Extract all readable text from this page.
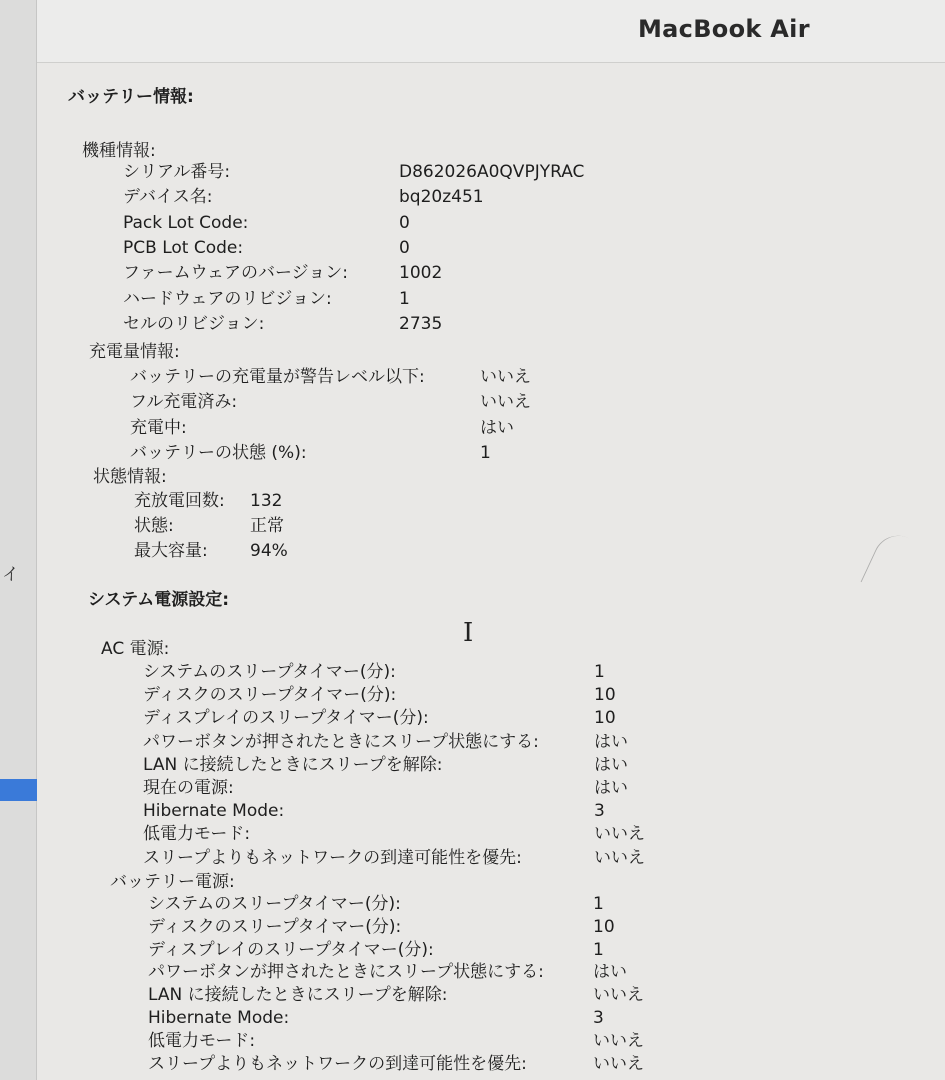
イ
MacBook Air
I
バッテリー情報:
機種情報:
シリアル番号:	D862026A0QVPJYRAC
デバイス名:	bq20z451
Pack Lot Code:	0
PCB Lot Code:	0
ファームウェアのバージョン:	1002
ハードウェアのリビジョン:	1
セルのリビジョン:	2735
充電量情報:
バッテリーの充電量が警告レベル以下:	いいえ
フル充電済み:	いいえ
充電中:	はい
バッテリーの状態 (%):	1
状態情報:
充放電回数: 132
状態:	正常
最大容量: 94%
システム電源設定:
AC 電源:
システムのスリープタイマー(分):	1
ディスクのスリープタイマー(分):	10
ディスプレイのスリープタイマー(分):	10
パワーボタンが押されたときにスリープ状態にする:	はい
LAN に接続したときにスリープを解除:	はい
現在の電源:	はい
Hibernate Mode:	3
低電力モード:	いいえ
スリープよりもネットワークの到達可能性を優先:	いいえ
バッテリー電源:
システムのスリープタイマー(分):	1
ディスクのスリープタイマー(分):	10
ディスプレイのスリープタイマー(分):	1
パワーボタンが押されたときにスリープ状態にする:	はい
LAN に接続したときにスリープを解除:	いいえ
Hibernate Mode:	3
低電力モード:	いいえ
スリープよりもネットワークの到達可能性を優先:	いいえ
